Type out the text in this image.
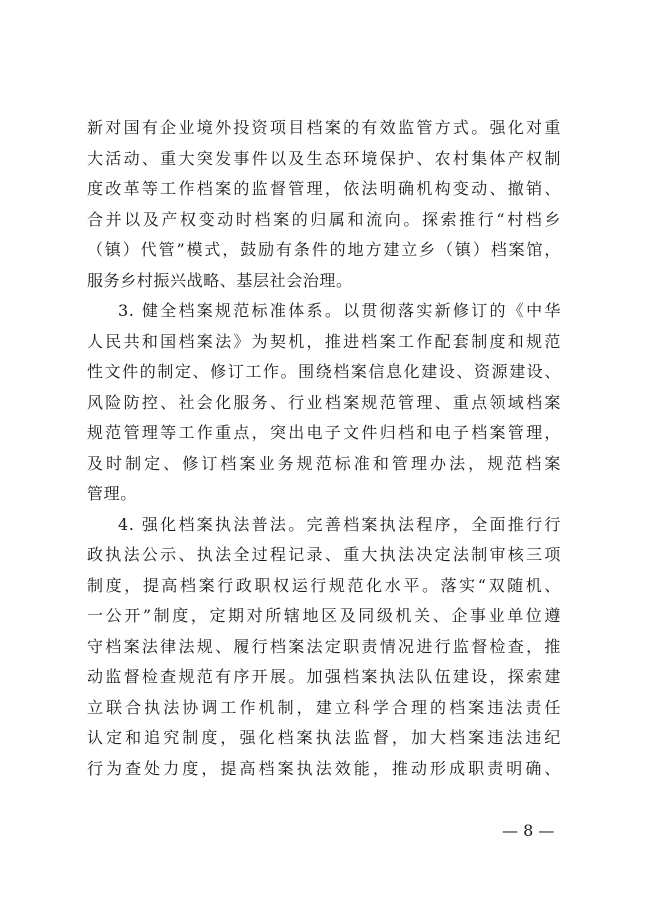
新对国有企业境外投资项目档案的有效监管方式。强化对重
大活动、重大突发事件以及生态环境保护、农村集体产权制
度改革等工作档案的监督管理，依法明确机构变动、撤销、
合并以及产权变动时档案的归属和流向。探索推行“村档乡
（镇）代管”模式，鼓励有条件的地方建立乡（镇）档案馆，
服务乡村振兴战略、基层社会治理。
3. 健全档案规范标准体系。以贯彻落实新修订的《中华
人民共和国档案法》为契机，推进档案工作配套制度和规范
性文件的制定、修订工作。围绕档案信息化建设、资源建设、
风险防控、社会化服务、行业档案规范管理、重点领域档案
规范管理等工作重点，突出电子文件归档和电子档案管理，
及时制定、修订档案业务规范标准和管理办法，规范档案
管理。
4. 强化档案执法普法。完善档案执法程序，全面推行行
政执法公示、执法全过程记录、重大执法决定法制审核三项
制度，提高档案行政职权运行规范化水平。落实“双随机、
一公开”制度，定期对所辖地区及同级机关、企事业单位遵
守档案法律法规、履行档案法定职责情况进行监督检查，推
动监督检查规范有序开展。加强档案执法队伍建设，探索建
立联合执法协调工作机制，建立科学合理的档案违法责任
认定和追究制度，强化档案执法监督，加大档案违法违纪
行为查处力度，提高档案执法效能，推动形成职责明确、
— 8 —
